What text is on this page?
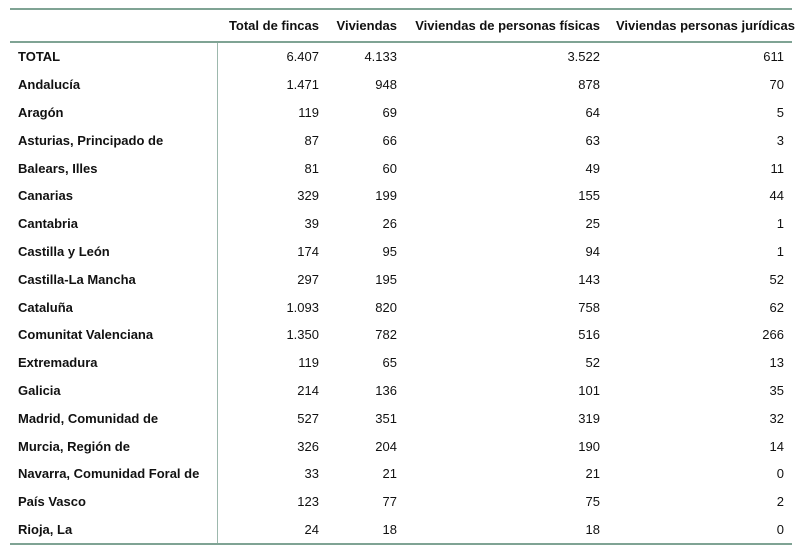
	Total de fincas	Viviendas	Viviendas de personas físicas	Viviendas personas jurídicas
TOTAL	6.407	4.133	3.522	611
Andalucía	1.471	948	878	70
Aragón	119	69	64	5
Asturias, Principado de	87	66	63	3
Balears, Illes	81	60	49	11
Canarias	329	199	155	44
Cantabria	39	26	25	1
Castilla y León	174	95	94	1
Castilla-La Mancha	297	195	143	52
Cataluña	1.093	820	758	62
Comunitat Valenciana	1.350	782	516	266
Extremadura	119	65	52	13
Galicia	214	136	101	35
Madrid, Comunidad de	527	351	319	32
Murcia, Región de	326	204	190	14
Navarra, Comunidad Foral de	33	21	21	0
País Vasco	123	77	75	2
Rioja, La	24	18	18	0
